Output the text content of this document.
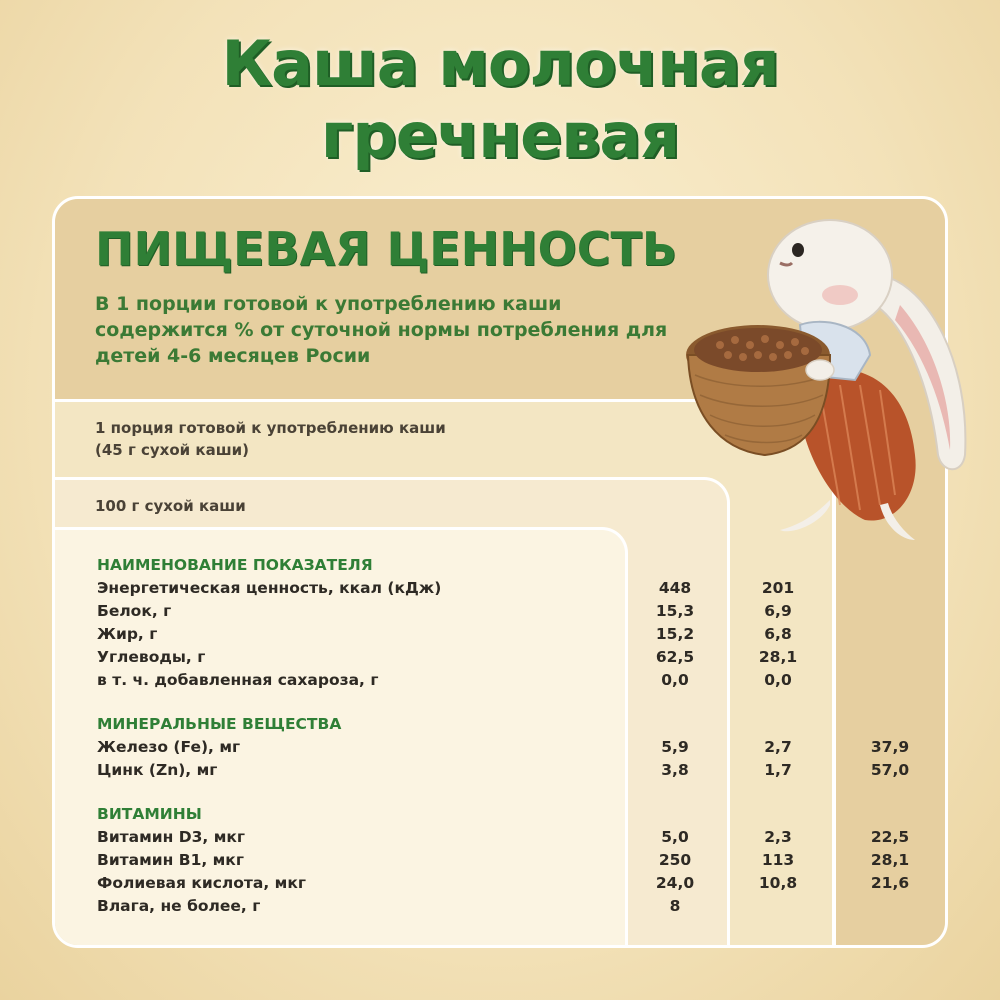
Каша молочная
гречневая
ПИЩЕВАЯ ЦЕННОСТЬ
В 1 порции готовой к употреблению каши содержится % от суточной нормы потребления для детей 4-6 месяцев Росии
1 порция готовой к употреблению каши
(45 г сухой каши)
100 г сухой каши
НАИМЕНОВАНИЕ ПОКАЗАТЕЛЯ
Энергетическая ценность, ккал (кДж)	448	201
Белок, г	15,3	6,9
Жир, г	15,2	6,8
Углеводы, г	62,5	28,1
в т. ч. добавленная сахароза, г	0,0	0,0
МИНЕРАЛЬНЫЕ ВЕЩЕСТВА
Железо (Fe), мг	5,9	2,7	37,9
Цинк (Zn), мг	3,8	1,7	57,0
ВИТАМИНЫ
Витамин D3, мкг	5,0	2,3	22,5
Витамин B1, мкг	250	113	28,1
Фолиевая кислота, мкг	24,0	10,8	21,6
Влага, не более, г	8
